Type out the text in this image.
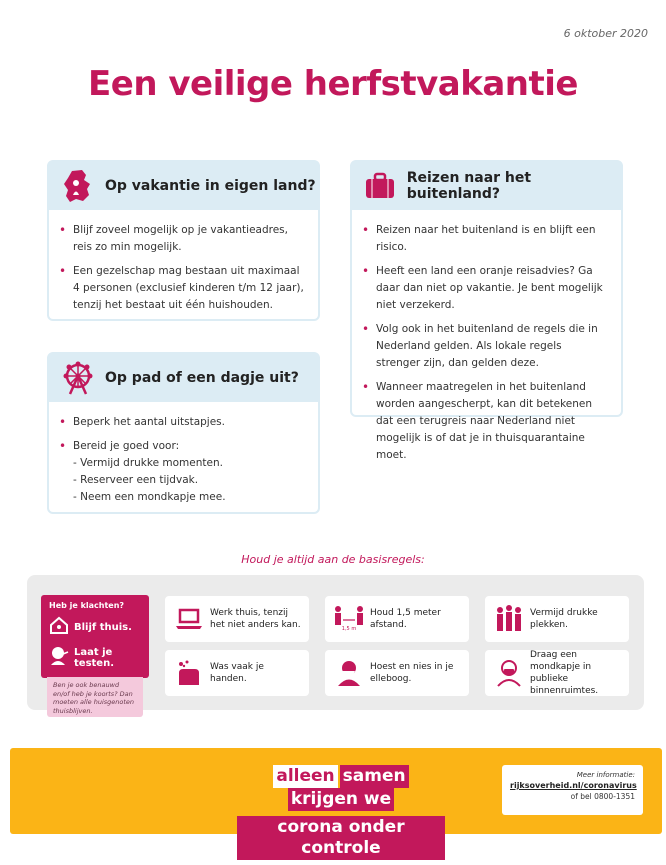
6 oktober 2020
Een veilige herfstvakantie
Op vakantie in eigen land?
• Blijf zoveel mogelijk op je vakantieadres, reis zo min mogelijk.
• Een gezelschap mag bestaan uit maximaal 4 personen (exclusief kinderen t/m 12 jaar), tenzij het bestaat uit één huishouden.
Reizen naar het buitenland?
• Reizen naar het buitenland is en blijft een risico.
• Heeft een land een oranje reisadvies? Ga daar dan niet op vakantie. Je bent mogelijk niet verzekerd.
• Volg ook in het buitenland de regels die in Nederland gelden. Als lokale regels strenger zijn, dan gelden deze.
• Wanneer maatregelen in het buitenland worden aangescherpt, kan dit betekenen dat een terugreis naar Nederland niet mogelijk is of dat je in thuisquarantaine moet.
Op pad of een dagje uit?
• Beperk het aantal uitstapjes.
• Bereid je goed voor:
- Vermijd drukke momenten.
- Reserveer een tijdvak.
- Neem een mondkapje mee.
Houd je altijd aan de basisregels:
Heb je klachten?
Blijf thuis.
Laat je testen.
Ben je ook benauwd en/of heb je koorts? Dan moeten alle huisgenoten thuisblijven.
Werk thuis, tenzij het niet anders kan.	1,5 m
Houd 1,5 meter afstand.
Vermijd drukke plekken.
Was vaak je handen.
Hoest en nies in je elleboog.
Draag een mondkapje in publieke binnenruimtes.
alleen samenkrijgen we
corona onder controle
Meer informatie:
rijksoverheid.nl/coronavirus
of bel 0800-1351
